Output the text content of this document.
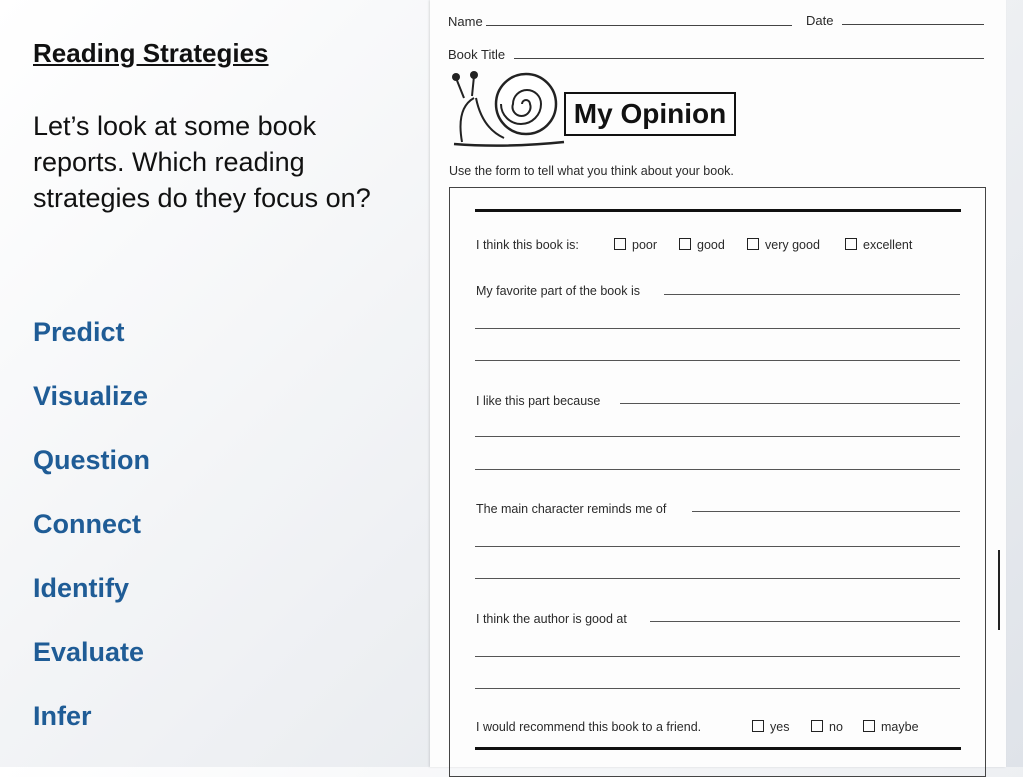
Reading Strategies
Let’s look at some book reports. Which reading strategies do they focus on?
Predict
Visualize
Question
Connect
Identify
Evaluate
Infer
Name	Date
Book Title
My Opinion
Use the form to tell what you think about your book.
I think this book is:	poor	good	very good	excellent
My favorite part of the book is
I like this part because
The main character reminds me of
I think the author is good at
I would recommend this book to a friend.	yes	no	maybe
